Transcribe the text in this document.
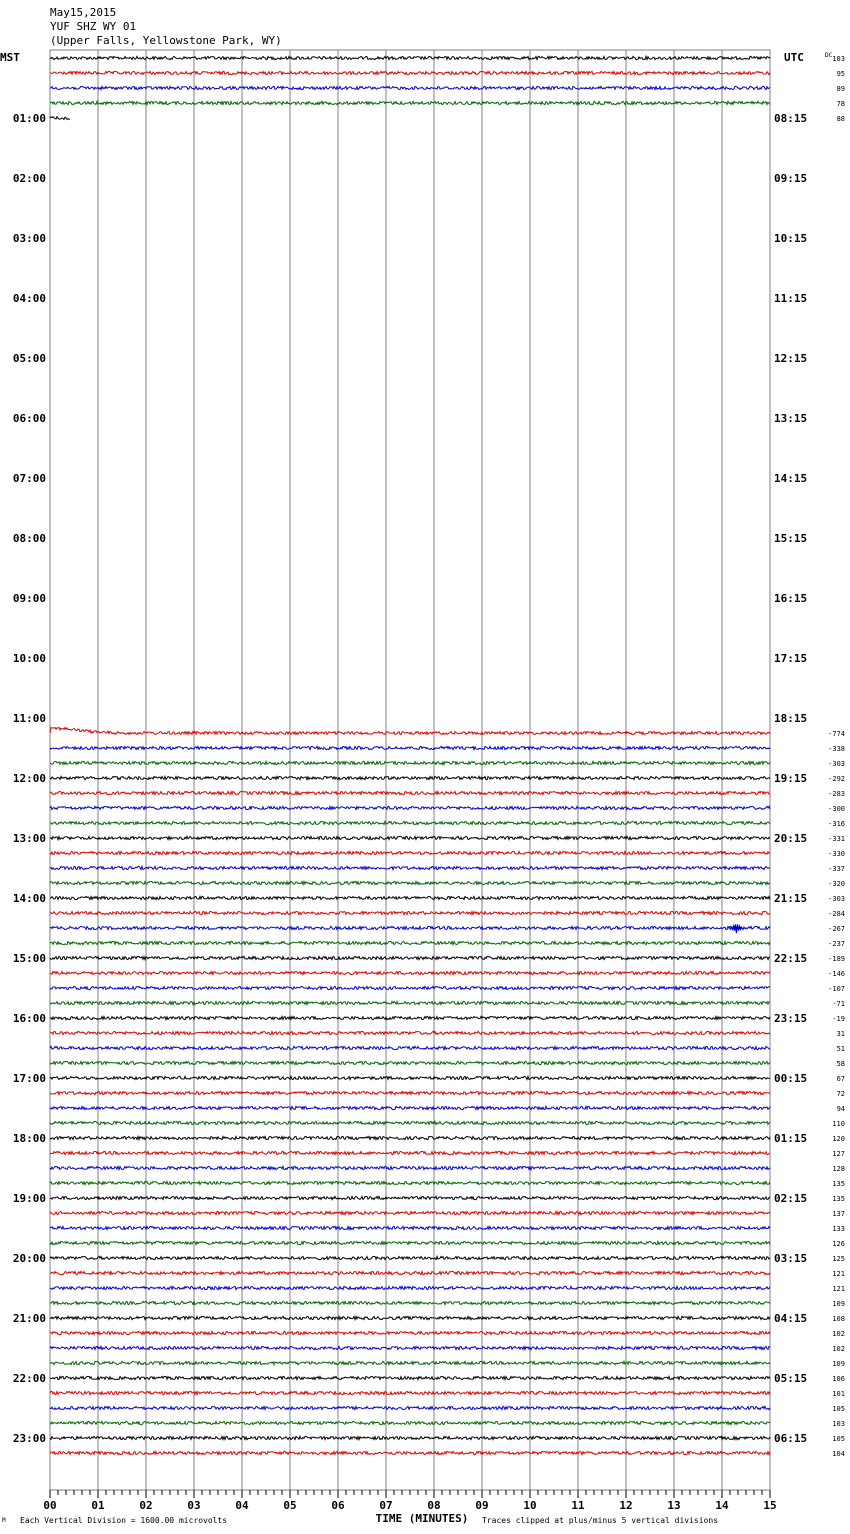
May15,2015
YUF SHZ WY 01
(Upper Falls, Yellowstone Park, WY)
103
95
89
78
88
-774
-338
-303
-292
-283
-300
-316
-331
-330
-337
-320
-303
-284
-267
-237
-189
-146
-107
-71
-19
31
51
58
67
72
94
110
120
127
128
135
135
137
133
126
125
121
121
109
108
102
102
109
106
101
105
103
105
104
01:00
02:00
03:00
04:00
05:00
06:00
07:00
08:00
09:00
10:00
11:00
12:00
13:00
14:00
15:00
16:00
17:00
18:00
19:00
20:00
21:00
22:00
23:00
08:15
09:15
10:15
11:15
12:15
13:15
14:15
15:15
16:15
17:15
18:15
19:15
20:15
21:15
22:15
23:15
00:15
01:15
02:15
03:15
04:15
05:15
06:15
MST	UTC	DC
00	01	02	03	04	05	06	07	08	09	10	11	12	13	14	15
TIME (MINUTES)
M Each Vertical Division = 1600.00 microvolts	Traces clipped at plus/minus 5 vertical divisions
